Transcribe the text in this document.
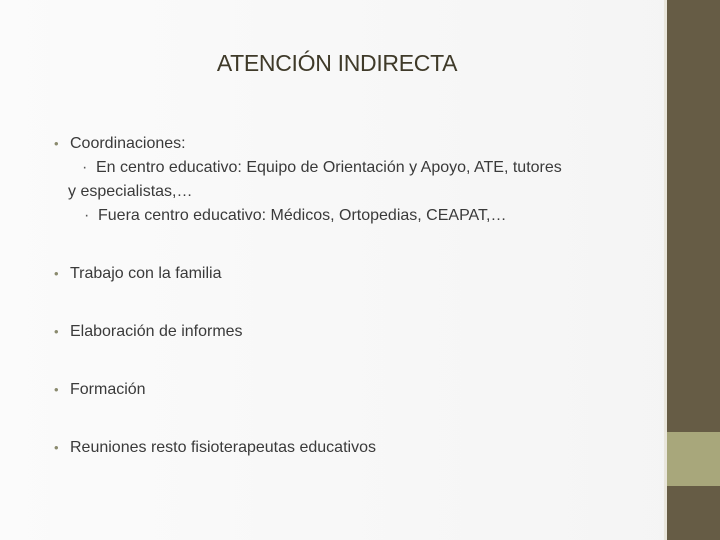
ATENCIÓN INDIRECTA
• Coordinaciones:
· En centro educativo: Equipo de Orientación y Apoyo, ATE, tutores
y especialistas,…
· Fuera centro educativo: Médicos, Ortopedias, CEAPAT,…
• Trabajo con la familia
• Elaboración de informes
• Formación
• Reuniones resto fisioterapeutas educativos
